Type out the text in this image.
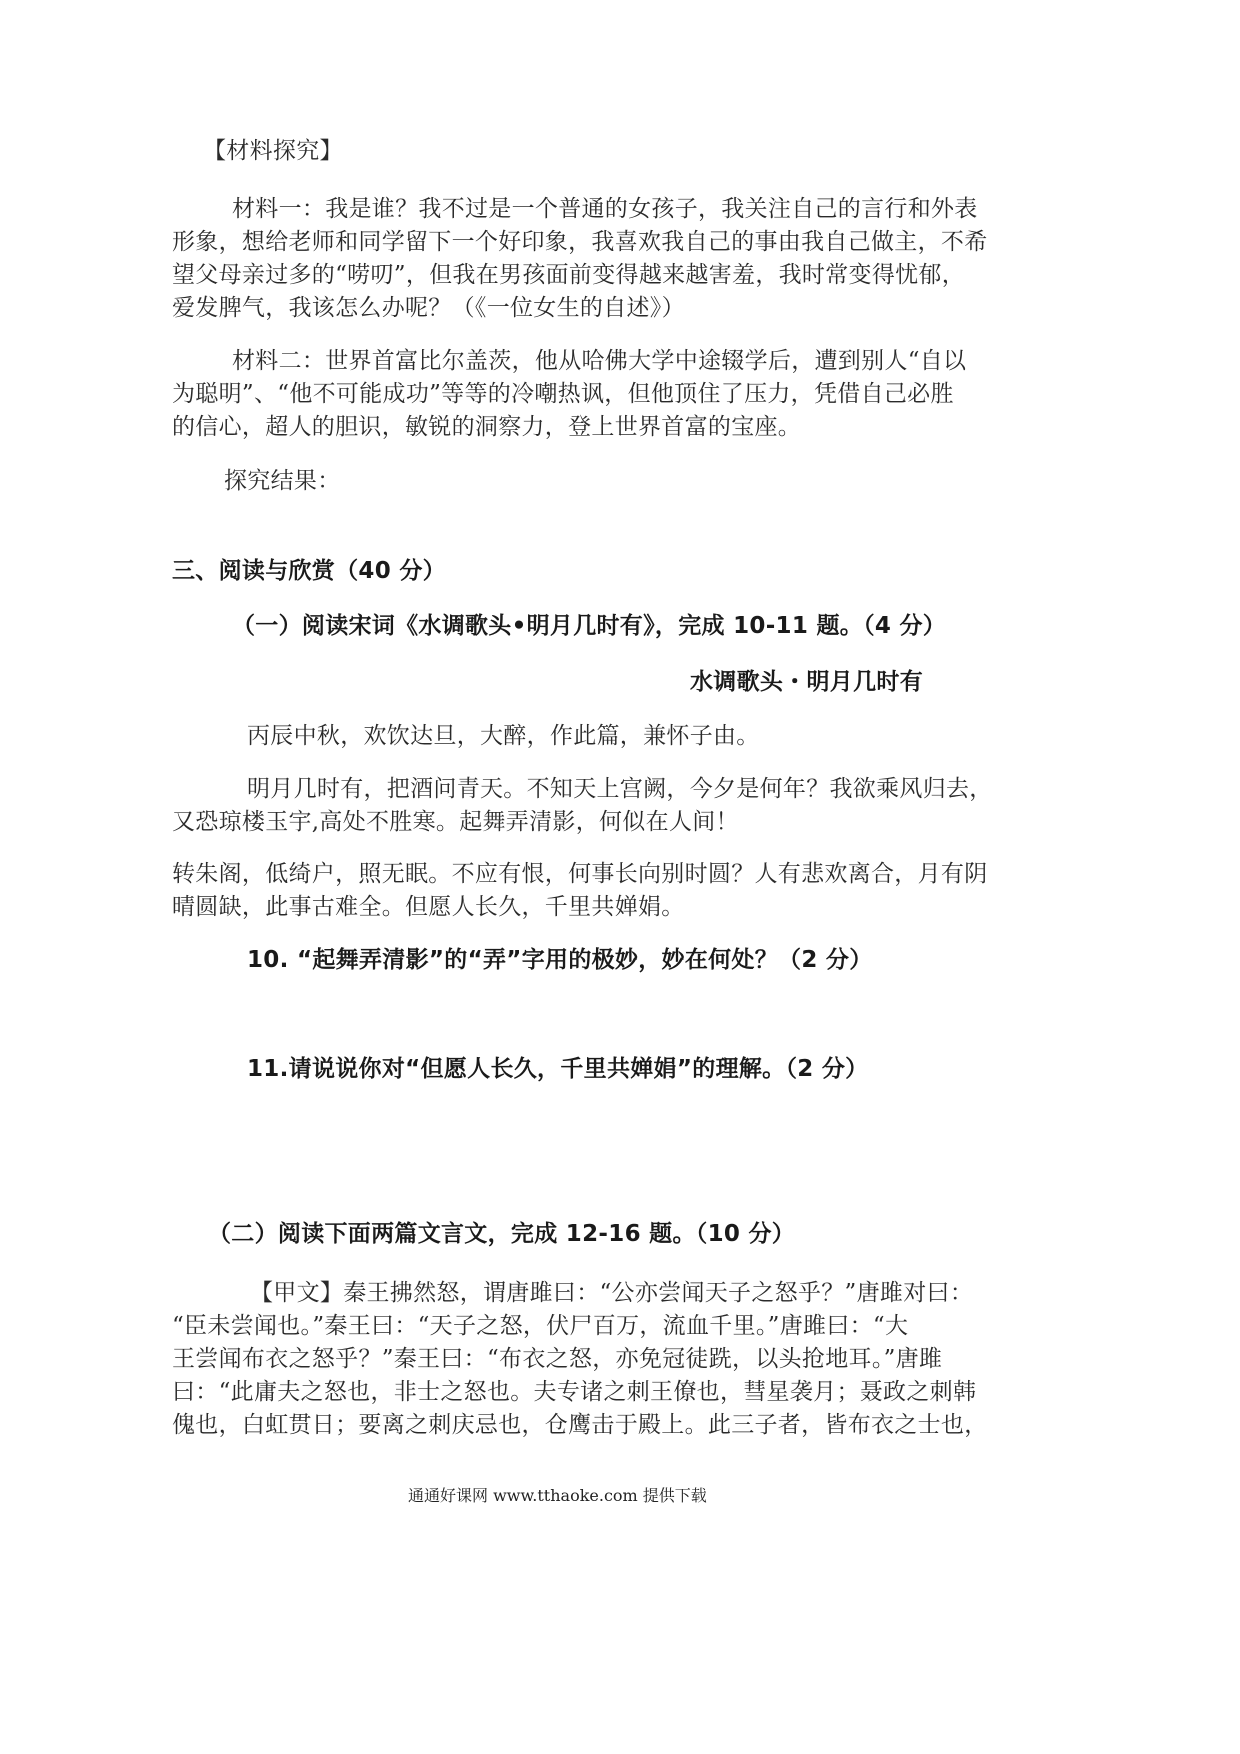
【材料探究】
材料一：我是谁？我不过是一个普通的女孩子，我关注自己的言行和外表
形象，想给老师和同学留下一个好印象，我喜欢我自己的事由我自己做主，不希
望父母亲过多的“唠叨”，但我在男孩面前变得越来越害羞，我时常变得忧郁，
爱发脾气，我该怎么办呢？（《一位女生的自述》）
材料二：世界首富比尔盖茨，他从哈佛大学中途辍学后，遭到别人“自以
为聪明”、“他不可能成功”等等的冷嘲热讽，但他顶住了压力，凭借自己必胜
的信心，超人的胆识，敏锐的洞察力，登上世界首富的宝座。
探究结果：
三、阅读与欣赏（40 分）
（一）阅读宋词《水调歌头•明月几时有》，完成 10-11 题。（4 分）
水调歌头・明月几时有
丙辰中秋，欢饮达旦，大醉，作此篇，兼怀子由。
明月几时有，把酒问青天。不知天上宫阙，今夕是何年？我欲乘风归去，
又恐琼楼玉宇,高处不胜寒。起舞弄清影，何似在人间！
转朱阁，低绮户，照无眠。不应有恨，何事长向别时圆？人有悲欢离合，月有阴
晴圆缺，此事古难全。但愿人长久，千里共婵娟。
10. “起舞弄清影”的“弄”字用的极妙，妙在何处？（2 分）
11.请说说你对“但愿人长久，千里共婵娟”的理解。（2 分）
（二）阅读下面两篇文言文，完成 12-16 题。（10 分）
【甲文】秦王拂然怒，谓唐雎曰：“公亦尝闻天子之怒乎？”唐雎对曰：
“臣未尝闻也。”秦王曰：“天子之怒，伏尸百万，流血千里。”唐雎曰：“大
王尝闻布衣之怒乎？”秦王曰：“布衣之怒，亦免冠徒跣，以头抢地耳。”唐雎
曰：“此庸夫之怒也，非士之怒也。夫专诸之刺王僚也，彗星袭月；聂政之刺韩
傀也，白虹贯日；要离之刺庆忌也，仓鹰击于殿上。此三子者，皆布衣之士也，
通通好课网 www.tthaoke.com 提供下载
